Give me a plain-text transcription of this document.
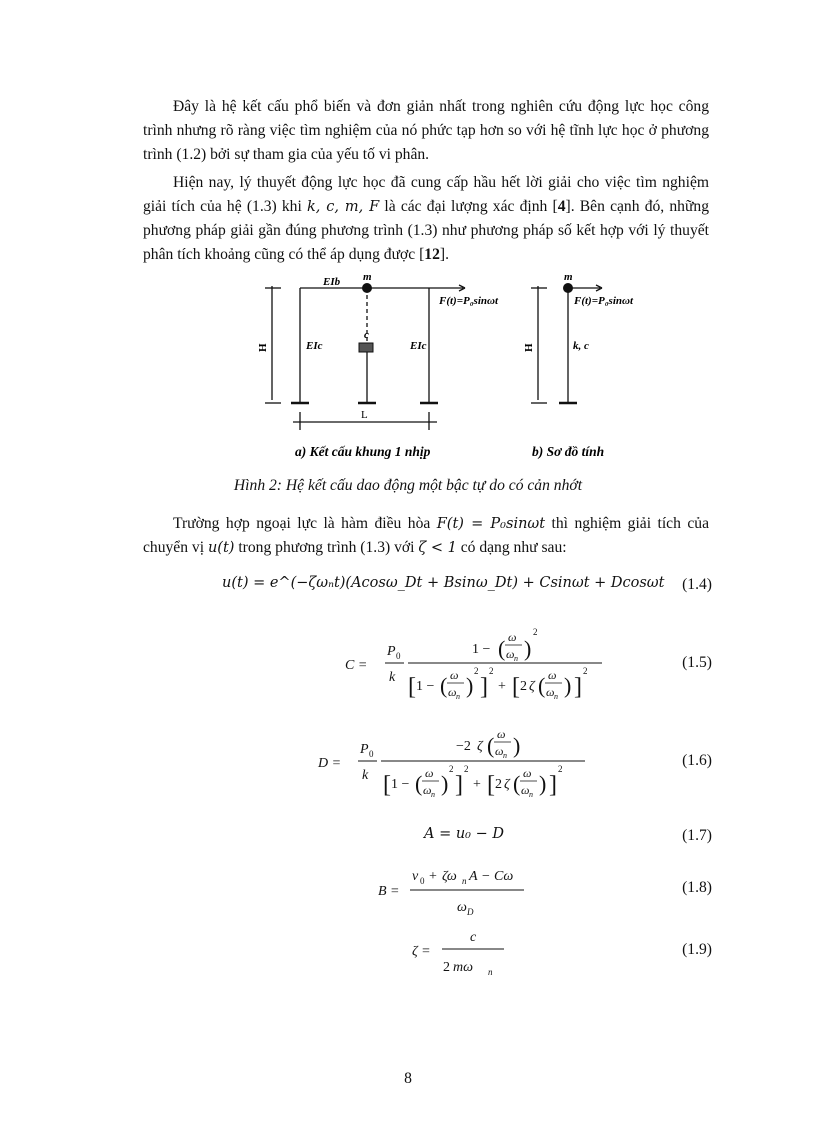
Đây là hệ kết cấu phổ biến và đơn giản nhất trong nghiên cứu động lực học công trình nhưng rõ ràng việc tìm nghiệm của nó phức tạp hơn so với hệ tĩnh lực học ở phương trình (1.2) bởi sự tham gia của yếu tố vi phân.

Hiện nay, lý thuyết động lực học đã cung cấp hầu hết lời giải cho việc tìm nghiệm giải tích của hệ (1.3) khi k, c, m, F là các đại lượng xác định [4]. Bên cạnh đó, những phương pháp giải gần đúng phương trình (1.3) như phương pháp số kết hợp với lý thuyết phân tích khoảng cũng có thể áp dụng được [12].

EIb m
F(t)=P₀sinωt
c
H	EIc	EIc
L
m
F(t)=P₀sinωt
H	k, c
a) Kết cấu khung 1 nhịp	b) Sơ đồ tính
Hình 2: Hệ kết cấu dao động một bậc tự do có cản nhớt

Trường hợp ngoại lực là hàm điều hòa F(t) = P₀sinωt thì nghiệm giải tích của chuyển vị u(t) trong phương trình (1.3) với ζ < 1 có dạng như sau:

u(t) = e^(−ζωₙt)(Acosω_Dt + Bsinω_Dt) + Csinωt + Dcosωt	(1.4)
C =
P 0
k
1 − ( ω
ω n )
2
[ 1 − ( ω
ω n )
2
]
2
+ [ 2 ζ ( ω
ω n ) ]
2	(1.5)
D =
P 0
k
−2 ζ ( ω
ω n )
[ 1 − ( ω
ω n )
2
]
2
+ [ 2 ζ ( ω
ω n ) ]
2	(1.6)
A = u₀ − D	(1.7)
B =
v 0 + ζω n A − Cω
ω D
(1.8)
ζ =
c
2 mω n
(1.9)
8
